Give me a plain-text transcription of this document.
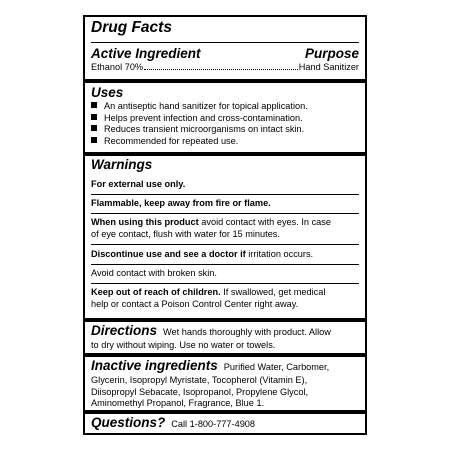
Drug Facts
Active Ingredient	Purpose
Ethanol 70%	Hand Sanitizer
Uses
An antiseptic hand sanitizer for topical application.
Helps prevent infection and cross-contamination.
Reduces transient microorganisms on intact skin.
Recommended for repeated use.
Warnings
For external use only.
Flammable, keep away from fire or flame.
When using this product avoid contact with eyes. In case
of eye contact, flush with water for 15 minutes.
Discontinue use and see a doctor if irritation occurs.
Avoid contact with broken skin.
Keep out of reach of children. If swallowed, get medical
help or contact a Poison Control Center right away.
Directions Wet hands thoroughly with product. Allow
to dry without wiping. Use no water or towels.
Inactive ingredients Purified Water, Carbomer,
Glycerin, Isopropyl Myristate, Tocopherol (Vitamin E),
Diisopropyl Sebacate, Isopropanol, Propylene Glycol,
Aminomethyl Propanol, Fragrance, Blue 1.
Questions? Call 1-800-777-4908
